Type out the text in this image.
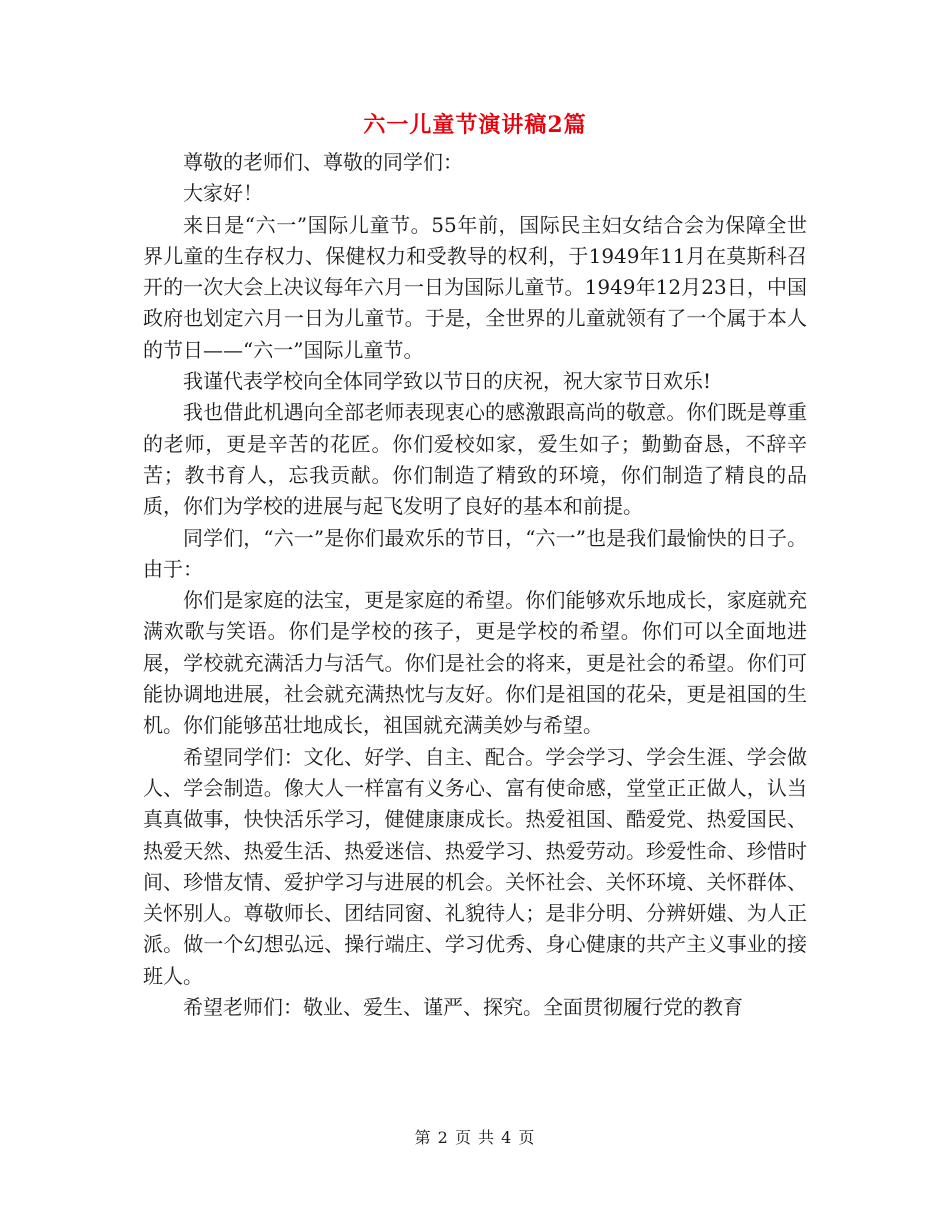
六一儿童节演讲稿2篇

尊敬的老师们、尊敬的同学们：

大家好！

来日是“六一”国际儿童节。55年前，国际民主妇女结合会为保障全世界儿童的生存权力、保健权力和受教导的权利，于1949年11月在莫斯科召开的一次大会上决议每年六月一日为国际儿童节。1949年12月23日，中国政府也划定六月一日为儿童节。于是，全世界的儿童就领有了一个属于本人的节日——“六一”国际儿童节。

我谨代表学校向全体同学致以节日的庆祝，祝大家节日欢乐!

我也借此机遇向全部老师表现衷心的感激跟高尚的敬意。你们既是尊重的老师，更是辛苦的花匠。你们爱校如家，爱生如子；勤勤奋恳，不辞辛苦；教书育人，忘我贡献。你们制造了精致的环境，你们制造了精良的品质，你们为学校的进展与起飞发明了良好的基本和前提。

同学们，“六一”是你们最欢乐的节日，“六一”也是我们最愉快的日子。由于：

你们是家庭的法宝，更是家庭的希望。你们能够欢乐地成长，家庭就充满欢歌与笑语。你们是学校的孩子，更是学校的希望。你们可以全面地进展，学校就充满活力与活气。你们是社会的将来，更是社会的希望。你们可能协调地进展，社会就充满热忱与友好。你们是祖国的花朵，更是祖国的生机。你们能够茁壮地成长，祖国就充满美妙与希望。

希望同学们：文化、好学、自主、配合。学会学习、学会生涯、学会做人、学会制造。像大人一样富有义务心、富有使命感，堂堂正正做人，认当真真做事，快快活乐学习，健健康康成长。热爱祖国、酷爱党、热爱国民、热爱天然、热爱生活、热爱迷信、热爱学习、热爱劳动。珍爱性命、珍惜时间、珍惜友情、爱护学习与进展的机会。关怀社会、关怀环境、关怀群体、关怀别人。尊敬师长、团结同窗、礼貌待人；是非分明、分辨妍媸、为人正派。做一个幻想弘远、操行端庄、学习优秀、身心健康的共产主义事业的接班人。

希望老师们：敬业、爱生、谨严、探究。全面贯彻履行党的教育

第 2 页 共 4 页
